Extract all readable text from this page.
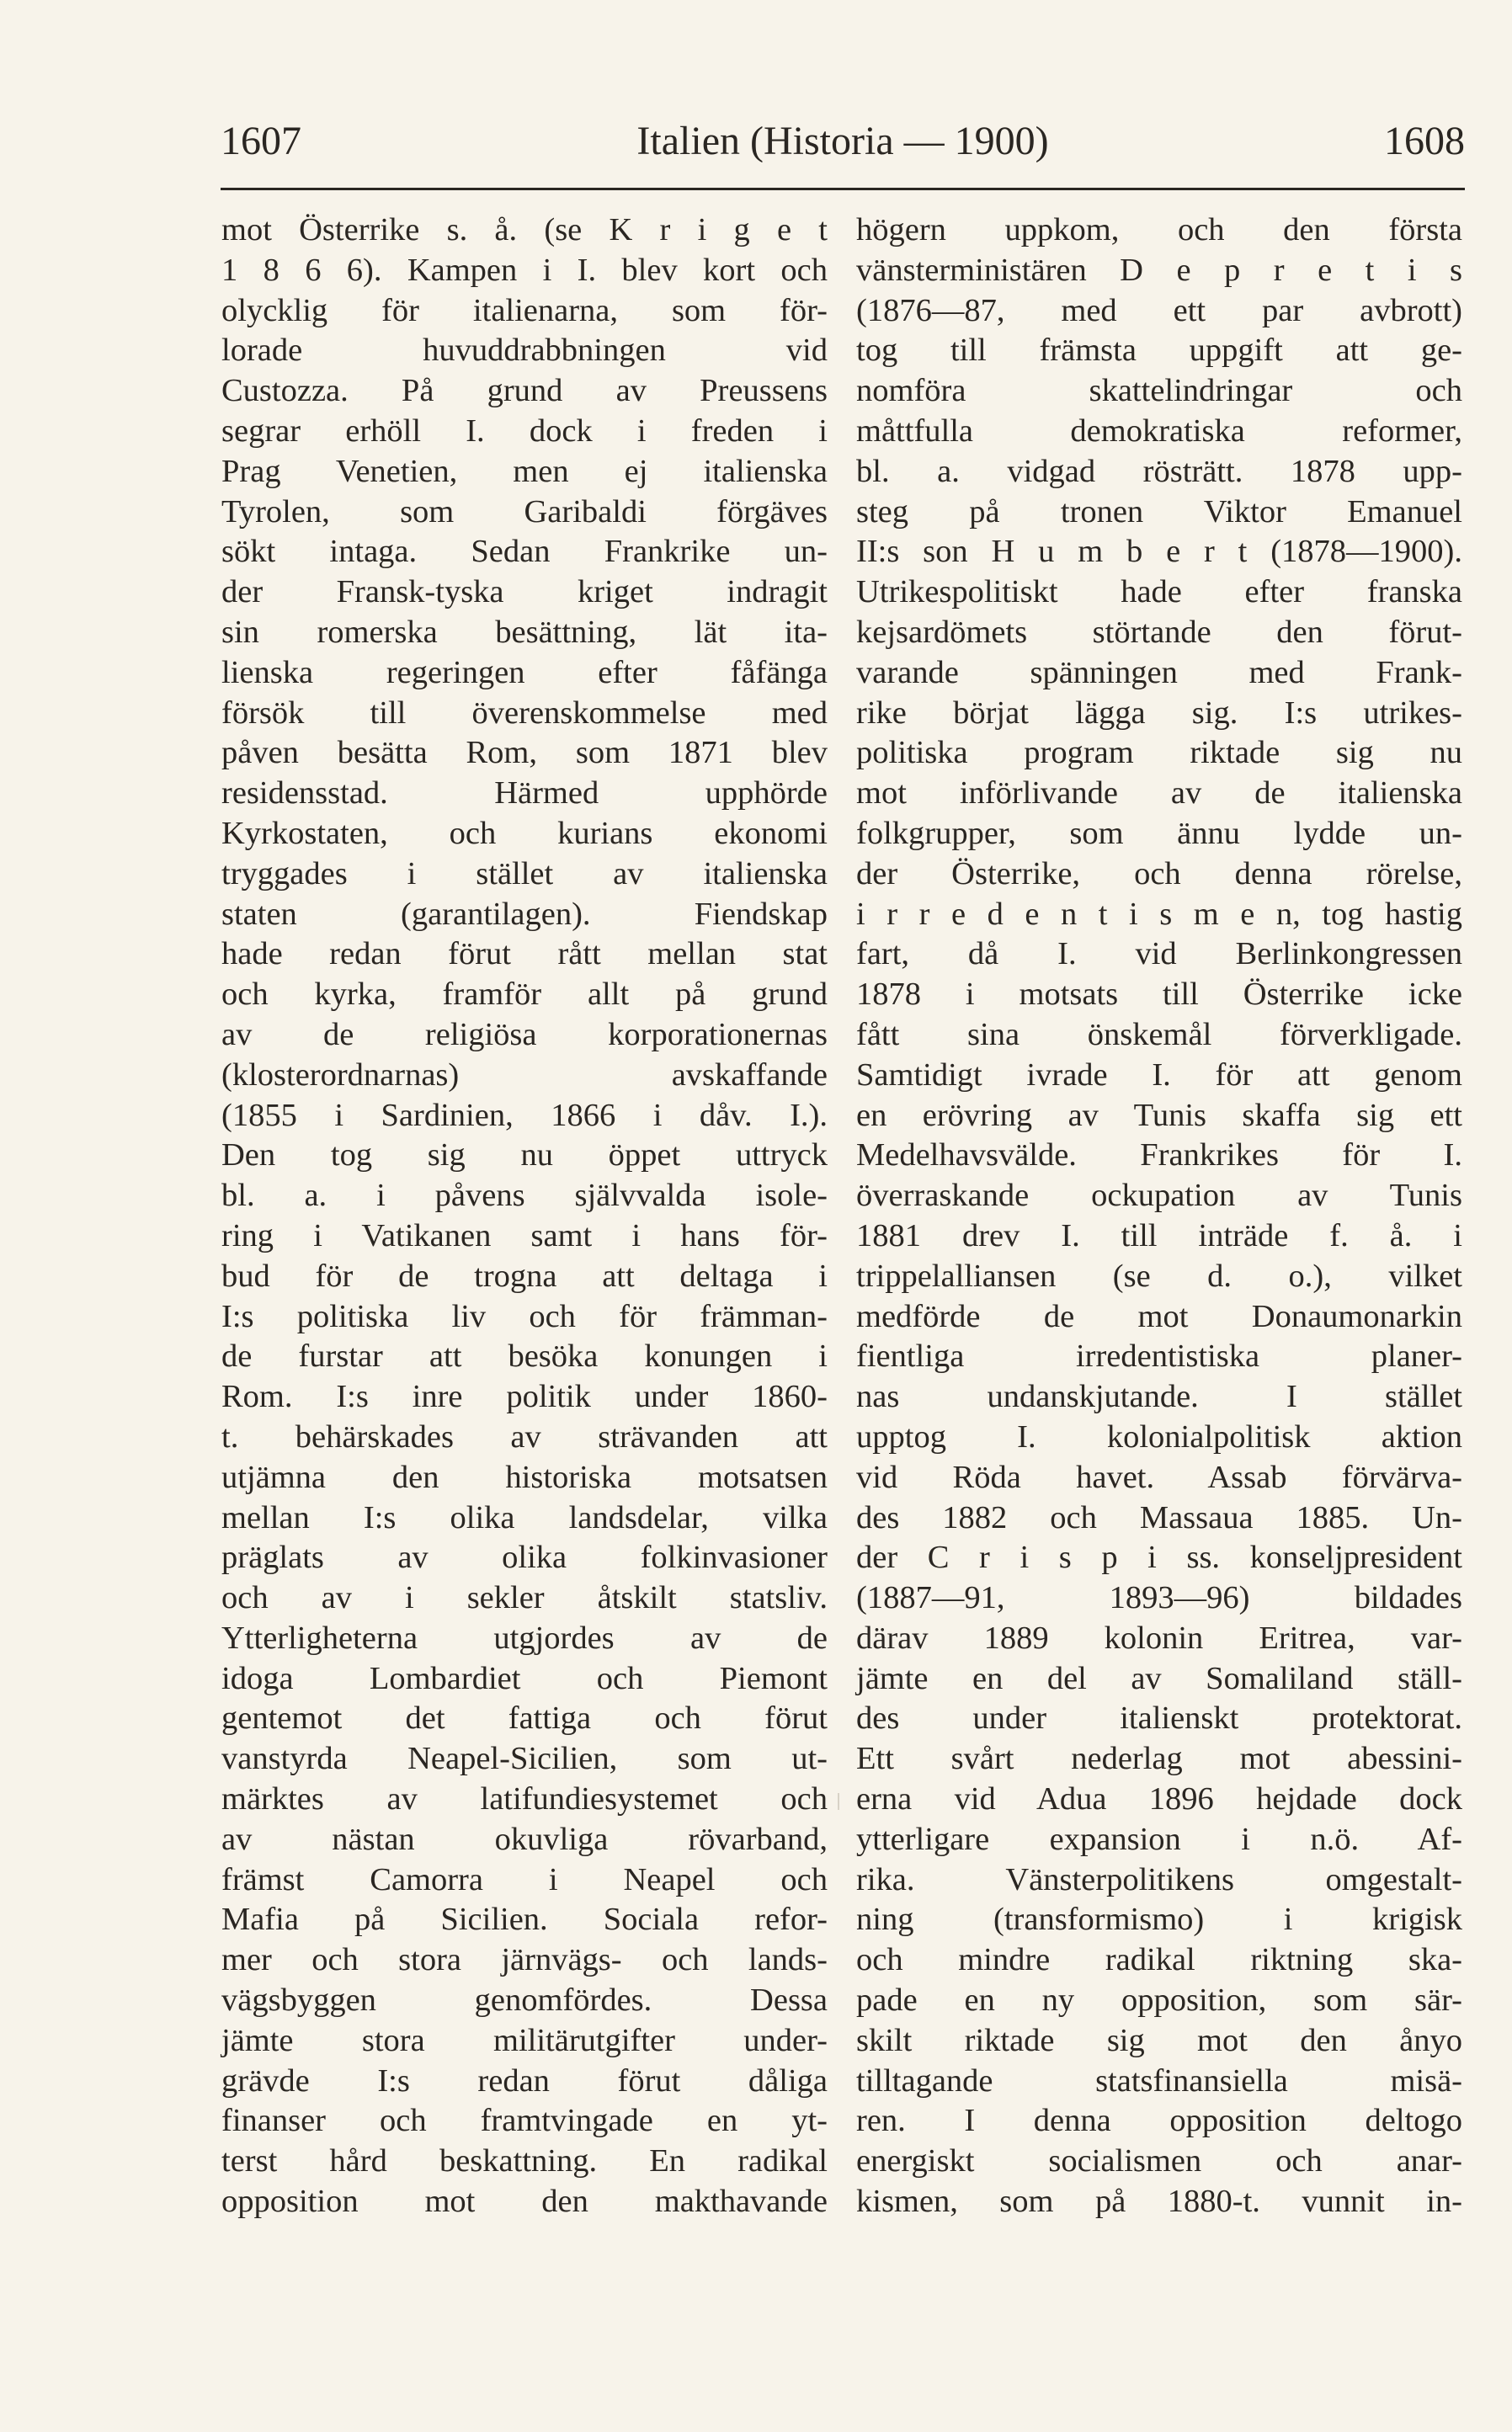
1607	Italien (Historia — 1900)	1608
mot Österrike s. å. (se K r i g e t
1 8 6 6). Kampen i I. blev kort och
olycklig för italienarna, som för-
lorade huvuddrabbningen vid
Custozza. På grund av Preussens
segrar erhöll I. dock i freden i
Prag Venetien, men ej italienska
Tyrolen, som Garibaldi förgäves
sökt intaga. Sedan Frankrike un-
der Fransk-tyska kriget indragit
sin romerska besättning, lät ita-
lienska regeringen efter fåfänga
försök till överenskommelse med
påven besätta Rom, som 1871 blev
residensstad. Härmed upphörde
Kyrkostaten, och kurians ekonomi
tryggades i stället av italienska
staten (garantilagen). Fiendskap
hade redan förut rått mellan stat
och kyrka, framför allt på grund
av de religiösa korporationernas
(klosterordnarnas) avskaffande
(1855 i Sardinien, 1866 i dåv. I.).
Den tog sig nu öppet uttryck
bl. a. i påvens självvalda isole-
ring i Vatikanen samt i hans för-
bud för de trogna att deltaga i
I:s politiska liv och för främman-
de furstar att besöka konungen i
Rom. I:s inre politik under 1860-
t. behärskades av strävanden att
utjämna den historiska motsatsen
mellan I:s olika landsdelar, vilka
präglats av olika folkinvasioner
och av i sekler åtskilt statsliv.
Ytterligheterna utgjordes av de
idoga Lombardiet och Piemont
gentemot det fattiga och förut
vanstyrda Neapel-Sicilien, som ut-
märktes av latifundiesystemet och
av nästan okuvliga rövarband,
främst Camorra i Neapel och
Mafia på Sicilien. Sociala refor-
mer och stora järnvägs- och lands-
vägsbyggen genomfördes. Dessa
jämte stora militärutgifter under-
grävde I:s redan förut dåliga
finanser och framtvingade en yt-
terst hård beskattning. En radikal
opposition mot den makthavande
högern uppkom, och den första
vänsterministären D e p r e t i s
(1876—87, med ett par avbrott)
tog till främsta uppgift att ge-
nomföra skattelindringar och
måttfulla demokratiska reformer,
bl. a. vidgad rösträtt. 1878 upp-
steg på tronen Viktor Emanuel
II:s son H u m b e r t (1878—1900).
Utrikespolitiskt hade efter franska
kejsardömets störtande den förut-
varande spänningen med Frank-
rike börjat lägga sig. I:s utrikes-
politiska program riktade sig nu
mot införlivande av de italienska
folkgrupper, som ännu lydde un-
der Österrike, och denna rörelse,
i r r e d e n t i s m e n, tog hastig
fart, då I. vid Berlinkongressen
1878 i motsats till Österrike icke
fått sina önskemål förverkligade.
Samtidigt ivrade I. för att genom
en erövring av Tunis skaffa sig ett
Medelhavsvälde. Frankrikes för I.
överraskande ockupation av Tunis
1881 drev I. till inträde f. å. i
trippelalliansen (se d. o.), vilket
medförde de mot Donaumonarkin
fientliga irredentistiska planer-
nas undanskjutande. I stället
upptog I. kolonialpolitisk aktion
vid Röda havet. Assab förvärva-
des 1882 och Massaua 1885. Un-
der C r i s p i ss. konseljpresident
(1887—91, 1893—96) bildades
därav 1889 kolonin Eritrea, var-
jämte en del av Somaliland ställ-
des under italienskt protektorat.
Ett svårt nederlag mot abessini-
erna vid Adua 1896 hejdade dock
ytterligare expansion i n.ö. Af-
rika. Vänsterpolitikens omgestalt-
ning (transformismo) i krigisk
och mindre radikal riktning ska-
pade en ny opposition, som sär-
skilt riktade sig mot den ånyo
tilltagande statsfinansiella misä-
ren. I denna opposition deltogo
energiskt socialismen och anar-
kismen, som på 1880-t. vunnit in-
